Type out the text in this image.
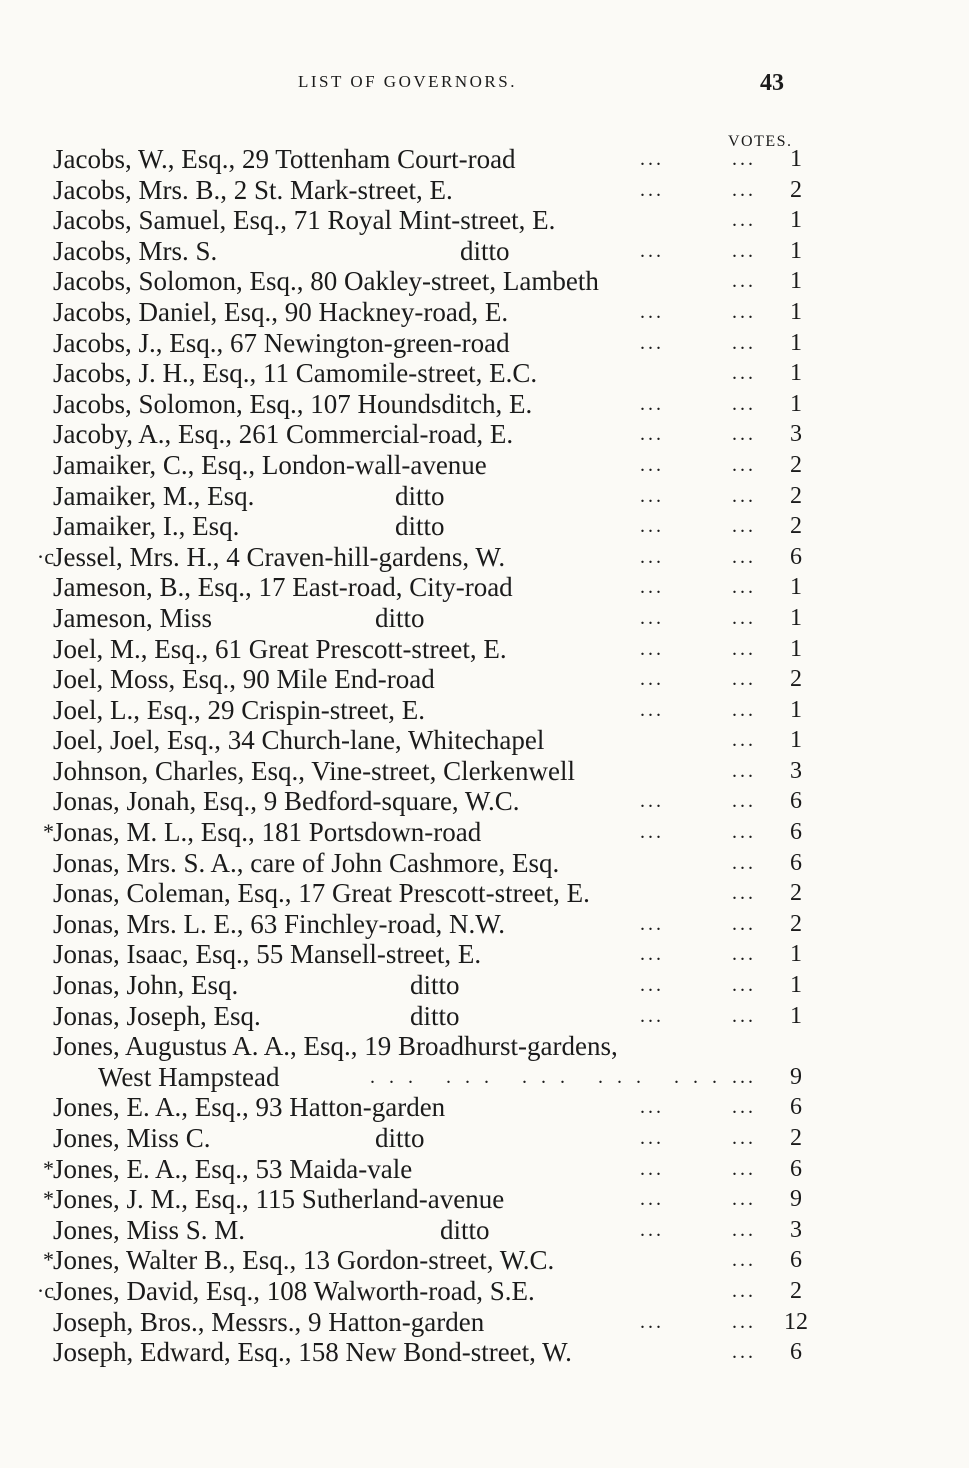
LIST OF GOVERNORS.	43
VOTES.
Jacobs, W., Esq., 29 Tottenham Court-road	...	...	1
Jacobs, Mrs. B., 2 St. Mark-street, E.	...	...	2
Jacobs, Samuel, Esq., 71 Royal Mint-street, E.	...	1
Jacobs, Mrs. S.	ditto	...	...	1
Jacobs, Solomon, Esq., 80 Oakley-street, Lambeth	...	1
Jacobs, Daniel, Esq., 90 Hackney-road, E.	...	...	1
Jacobs, J., Esq., 67 Newington-green-road	...	...	1
Jacobs, J. H., Esq., 11 Camomile-street, E.C.	...	1
Jacobs, Solomon, Esq., 107 Houndsditch, E.	...	...	1
Jacoby, A., Esq., 261 Commercial-road, E.	...	...	3
Jamaiker, C., Esq., London-wall-avenue	...	...	2
Jamaiker, M., Esq.	ditto	...	...	2
Jamaiker, I., Esq.	ditto	...	...	2
·c Jessel, Mrs. H., 4 Craven-hill-gardens, W.	...	...	6
Jameson, B., Esq., 17 East-road, City-road	...	...	1
Jameson, Miss	ditto	...	...	1
Joel, M., Esq., 61 Great Prescott-street, E.	...	...	1
Joel, Moss, Esq., 90 Mile End-road	...	...	2
Joel, L., Esq., 29 Crispin-street, E.	...	...	1
Joel, Joel, Esq., 34 Church-lane, Whitechapel	...	1
Johnson, Charles, Esq., Vine-street, Clerkenwell	...	3
Jonas, Jonah, Esq., 9 Bedford-square, W.C.	...	...	6
* Jonas, M. L., Esq., 181 Portsdown-road	...	...	6
Jonas, Mrs. S. A., care of John Cashmore, Esq.	...	6
Jonas, Coleman, Esq., 17 Great Prescott-street, E.	...	2
Jonas, Mrs. L. E., 63 Finchley-road, N.W.	...	...	2
Jonas, Isaac, Esq., 55 Mansell-street, E.	...	...	1
Jonas, John, Esq.	ditto	...	...	1
Jonas, Joseph, Esq.	ditto	...	...	1
Jones, Augustus A. A., Esq., 19 Broadhurst-gardens,
West Hampstead	... ... ... ... ... ...	9
Jones, E. A., Esq., 93 Hatton-garden	...	...	6
Jones, Miss C.	ditto	...	...	2
* Jones, E. A., Esq., 53 Maida-vale	...	...	6
* Jones, J. M., Esq., 115 Sutherland-avenue	...	...	9
Jones, Miss S. M.	ditto	...	...	3
* Jones, Walter B., Esq., 13 Gordon-street, W.C.	...	6
·c Jones, David, Esq., 108 Walworth-road, S.E.	...	2
Joseph, Bros., Messrs., 9 Hatton-garden	...	...	12
Joseph, Edward, Esq., 158 New Bond-street, W.	...	6
